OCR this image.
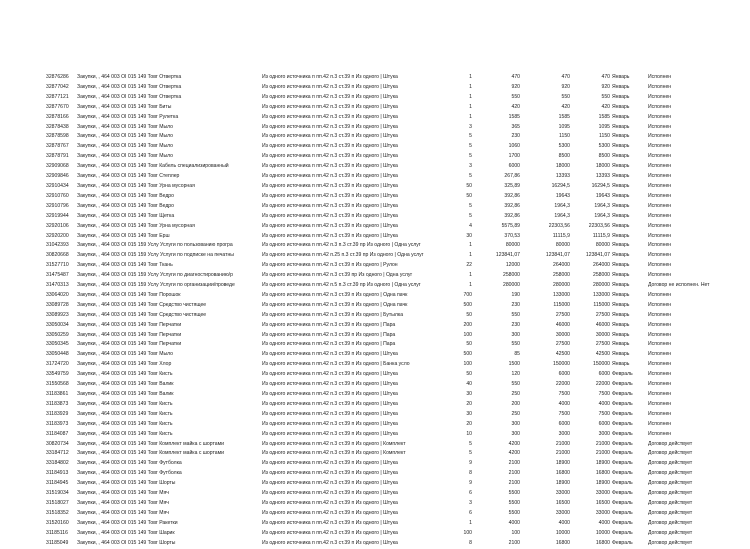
32876286	Закупки, , 464 003 OI 015 149 Товг Отвертка	Из одного источника п пп.42 п.3 ст.39 п Из одного | Штука	1	470	470	470 Январь	Исполнен
32877042	Закупки, , 464 003 OI 015 149 Товг Отвертка	Из одного источника п пп.42 п.3 ст.39 п Из одного | Штука	1	920	920	920 Январь	Исполнен
32877121	Закупки, , 464 003 OI 015 149 Товг Отвертка	Из одного источника п пп.42 п.3 ст.39 п Из одного | Штука	1	550	550	550 Январь	Исполнен
32877670	Закупки, , 464 003 OI 015 149 Товг Биты	Из одного источника п пп.42 п.3 ст.39 п Из одного | Штука	1	420	420	420 Январь	Исполнен
32878166	Закупки, , 464 003 OI 015 149 Товг Рулетка	Из одного источника п пп.42 п.3 ст.39 п Из одного | Штука	1	1585	1585	1585 Январь	Исполнен
32878438	Закупки, , 464 003 OI 015 149 Товг Мыло	Из одного источника п пп.42 п.3 ст.39 п Из одного | Штука	3	365	1095	1095 Январь	Исполнен
32878598	Закупки, , 464 003 OI 015 149 Товг Мыло	Из одного источника п пп.42 п.3 ст.39 п Из одного | Штука	5	230	1150	1150 Январь	Исполнен
32878767	Закупки, , 464 003 OI 015 149 Товг Мыло	Из одного источника п пп.42 п.3 ст.39 п Из одного | Штука	5	1060	5300	5300 Январь	Исполнен
32878791	Закупки, , 464 003 OI 015 149 Товг Мыло	Из одного источника п пп.42 п.3 ст.39 п Из одного | Штука	5	1700	8500	8500 Январь	Исполнен
32909068	Закупки, , 464 003 OI 015 149 Товг Кабель специализированный	Из одного источника п пп.42 п.3 ст.39 п Из одного | Штука	3	6000	18000	18000 Январь	Исполнен
32909846	Закупки, , 464 003 OI 015 149 Товг Степлер	Из одного источника п пп.42 п.3 ст.39 п Из одного | Штука	5	267,86	13393	13393 Январь	Исполнен
32910434	Закупки, , 464 003 OI 015 149 Товг Урна мусорная	Из одного источника п пп.42 п.3 ст.39 п Из одного | Штука	50	325,89	16294,5	16294,5 Январь	Исполнен
32910760	Закупки, , 464 003 OI 015 149 Товг Ведро	Из одного источника п пп.42 п.3 ст.39 п Из одного | Штука	50	392,86	19643	19643 Январь	Исполнен
32910796	Закупки, , 464 003 OI 015 149 Товг Ведро	Из одного источника п пп.42 п.3 ст.39 п Из одного | Штука	5	392,86	1964,3	1964,3 Январь	Исполнен
32919944	Закупки, , 464 003 OI 015 149 Товг Щетка	Из одного источника п пп.42 п.3 ст.39 п Из одного | Штука	5	392,86	1964,3	1964,3 Январь	Исполнен
32920106	Закупки, , 464 003 OI 015 149 Товг Урна мусорная	Из одного источника п пп.42 п.3 ст.39 п Из одного | Штука	4	5575,89	22303,56	22303,56 Январь	Исполнен
32920200	Закупки, , 464 003 OI 015 149 Товг Ерш	Из одного источника п пп.42 п.3 ст.39 п Из одного | Штука	30	370,53	11115,9	11115,9 Январь	Исполнен
31042393	Закупки, , 464 003 OI 015 159 Услу Услуги по пользованию програ	Из одного источника п пп.42 п.3 п.3 ст.39 пр Из одного | Одна услуг	1	80000	80000	80000 Январь	Исполнен
30820668	Закупки, , 464 003 OI 015 159 Услу Услуги по подписке на печатны	Из одного источника п пп.42 п.25 п.3 ст.39 пр Из одного | Одна услуг	1	123841,07	123841,07	123841,07 Январь	Исполнен
31527710	Закупки, , 464 003 OI 015 149 Товг Ткань	Из одного источника п пп.42 п.3 ст.39 п Из одного | Рулон	22	12000	264000	264000 Январь	Исполнен
31475487	Закупки, , 464 003 OI 015 159 Услу Услуги по диагностированию/р	Из одного источника п пп.42 п.3 ст.39 пр Из одного | Одна услуг	1	258000	258000	258000 Январь	Исполнен
31470313	Закупки, , 464 003 OI 015 159 Услу Услуги по организации/проведе	Из одного источника п пп.42 п.5 п.3 ст.39 пр Из одного | Одна услуг	1	280000	280000	280000 Январь	Договор не исполнен. Нет
33064020	Закупки, , 464 003 OI 015 149 Товг Порошок	Из одного источника п пп.42 п.3 ст.39 п Из одного | Одна пачк	700	190	133000	133000 Январь	Исполнен
33089728	Закупки, , 464 003 OI 015 149 Товг Средство чистящее	Из одного источника п пп.42 п.3 ст.39 п Из одного | Одна пачк	500	230	115000	115000 Январь	Исполнен
33089923	Закупки, , 464 003 OI 015 149 Товг Средство чистящее	Из одного источника п пп.42 п.3 ст.39 п Из одного | Бутылка	50	550	27500	27500 Январь	Исполнен
33050034	Закупки, , 464 003 OI 015 149 Товг Перчатки	Из одного источника п пп.42 п.3 ст.39 п Из одного | Пара	200	230	46000	46000 Январь	Исполнен
33050259	Закупки, , 464 003 OI 015 149 Товг Перчатки	Из одного источника п пп.42 п.3 ст.39 п Из одного | Пара	100	300	30000	30000 Январь	Исполнен
33050345	Закупки, , 464 003 OI 015 149 Товг Перчатки	Из одного источника п пп.42 п.3 ст.39 п Из одного | Пара	50	550	27500	27500 Январь	Исполнен
33050448	Закупки, , 464 003 OI 015 149 Товг Мыло	Из одного источника п пп.42 п.3 ст.39 п Из одного | Штука	500	85	42500	42500 Январь	Исполнен
31724720	Закупки, , 464 003 OI 015 149 Товг Хлор	Из одного источника п пп.42 п.3 ст.39 п Из одного | Банка усло	100	1500	150000	150000 Январь	Исполнен
33549759	Закупки, , 464 003 OI 015 149 Товг Кисть	Из одного источника п пп.42 п.3 ст.39 п Из одного | Штука	50	120	6000	6000 Февраль	Исполнен
31550568	Закупки, , 464 003 OI 015 149 Товг Валик	Из одного источника п пп.42 п.3 ст.39 п Из одного | Штука	40	550	22000	22000 Февраль	Исполнен
31183861	Закупки, , 464 003 OI 015 149 Товг Валик	Из одного источника п пп.42 п.3 ст.39 п Из одного | Штука	30	250	7500	7500 Февраль	Исполнен
31183873	Закупки, , 464 003 OI 015 149 Товг Кисть	Из одного источника п пп.42 п.3 ст.39 п Из одного | Штука	20	200	4000	4000 Февраль	Исполнен
31183929	Закупки, , 464 003 OI 015 149 Товг Кисть	Из одного источника п пп.42 п.3 ст.39 п Из одного | Штука	30	250	7500	7500 Февраль	Исполнен
31183973	Закупки, , 464 003 OI 015 149 Товг Кисть	Из одного источника п пп.42 п.3 ст.39 п Из одного | Штука	20	300	6000	6000 Февраль	Исполнен
31184087	Закупки, , 464 003 OI 015 149 Товг Кисть	Из одного источника п пп.42 п.3 ст.39 п Из одного | Штука	10	300	3000	3000 Февраль	Исполнен
30820734	Закупки, , 464 003 OI 015 149 Товг Комплект майка с шортами	Из одного источника п пп.42 п.3 ст.39 п Из одного | Комплект	5	4200	21000	21000 Февраль	Договор действует
33184712	Закупки, , 464 003 OI 015 149 Товг Комплект майка с шортами	Из одного источника п пп.42 п.3 ст.39 п Из одного | Комплект	5	4200	21000	21000 Февраль	Договор действует
33184802	Закупки, , 464 003 OI 015 149 Товг Футболка	Из одного источника п пп.42 п.3 ст.39 п Из одного | Штука	9	2100	18900	18900 Февраль	Договор действует
31184913	Закупки, , 464 003 OI 015 149 Товг Футболка	Из одного источника п пп.42 п.3 ст.39 п Из одного | Штука	8	2100	16800	16800 Февраль	Договор действует
31184945	Закупки, , 464 003 OI 015 149 Товг Шорты	Из одного источника п пп.42 п.3 ст.39 п Из одного | Штука	9	2100	18900	18900 Февраль	Договор действует
31519034	Закупки, , 464 003 OI 015 149 Товг Мяч	Из одного источника п пп.42 п.3 ст.39 п Из одного | Штука	6	5500	33000	33000 Февраль	Договор действует
31518027	Закупки, , 464 003 OI 015 149 Товг Мяч	Из одного источника п пп.42 п.3 ст.39 п Из одного | Штука	3	5500	16500	16500 Февраль	Договор действует
31518352	Закупки, , 464 003 OI 015 149 Товг Мяч	Из одного источника п пп.42 п.3 ст.39 п Из одного | Штука	6	5500	33000	33000 Февраль	Договор действует
31520160	Закупки, , 464 003 OI 015 149 Товг Ракетки	Из одного источника п пп.42 п.3 ст.39 п Из одного | Штука	1	4000	4000	4000 Февраль	Договор действует
31185116	Закупки, , 464 003 OI 015 149 Товг Шарик	Из одного источника п пп.42 п.3 ст.39 п Из одного | Штука	100	100	10000	10000 Февраль	Договор действует
31185049	Закупки, , 464 003 OI 015 149 Товг Шорты	Из одного источника п пп.42 п.3 ст.39 п Из одного | Штука	8	2100	16800	16800 Февраль	Договор действует
